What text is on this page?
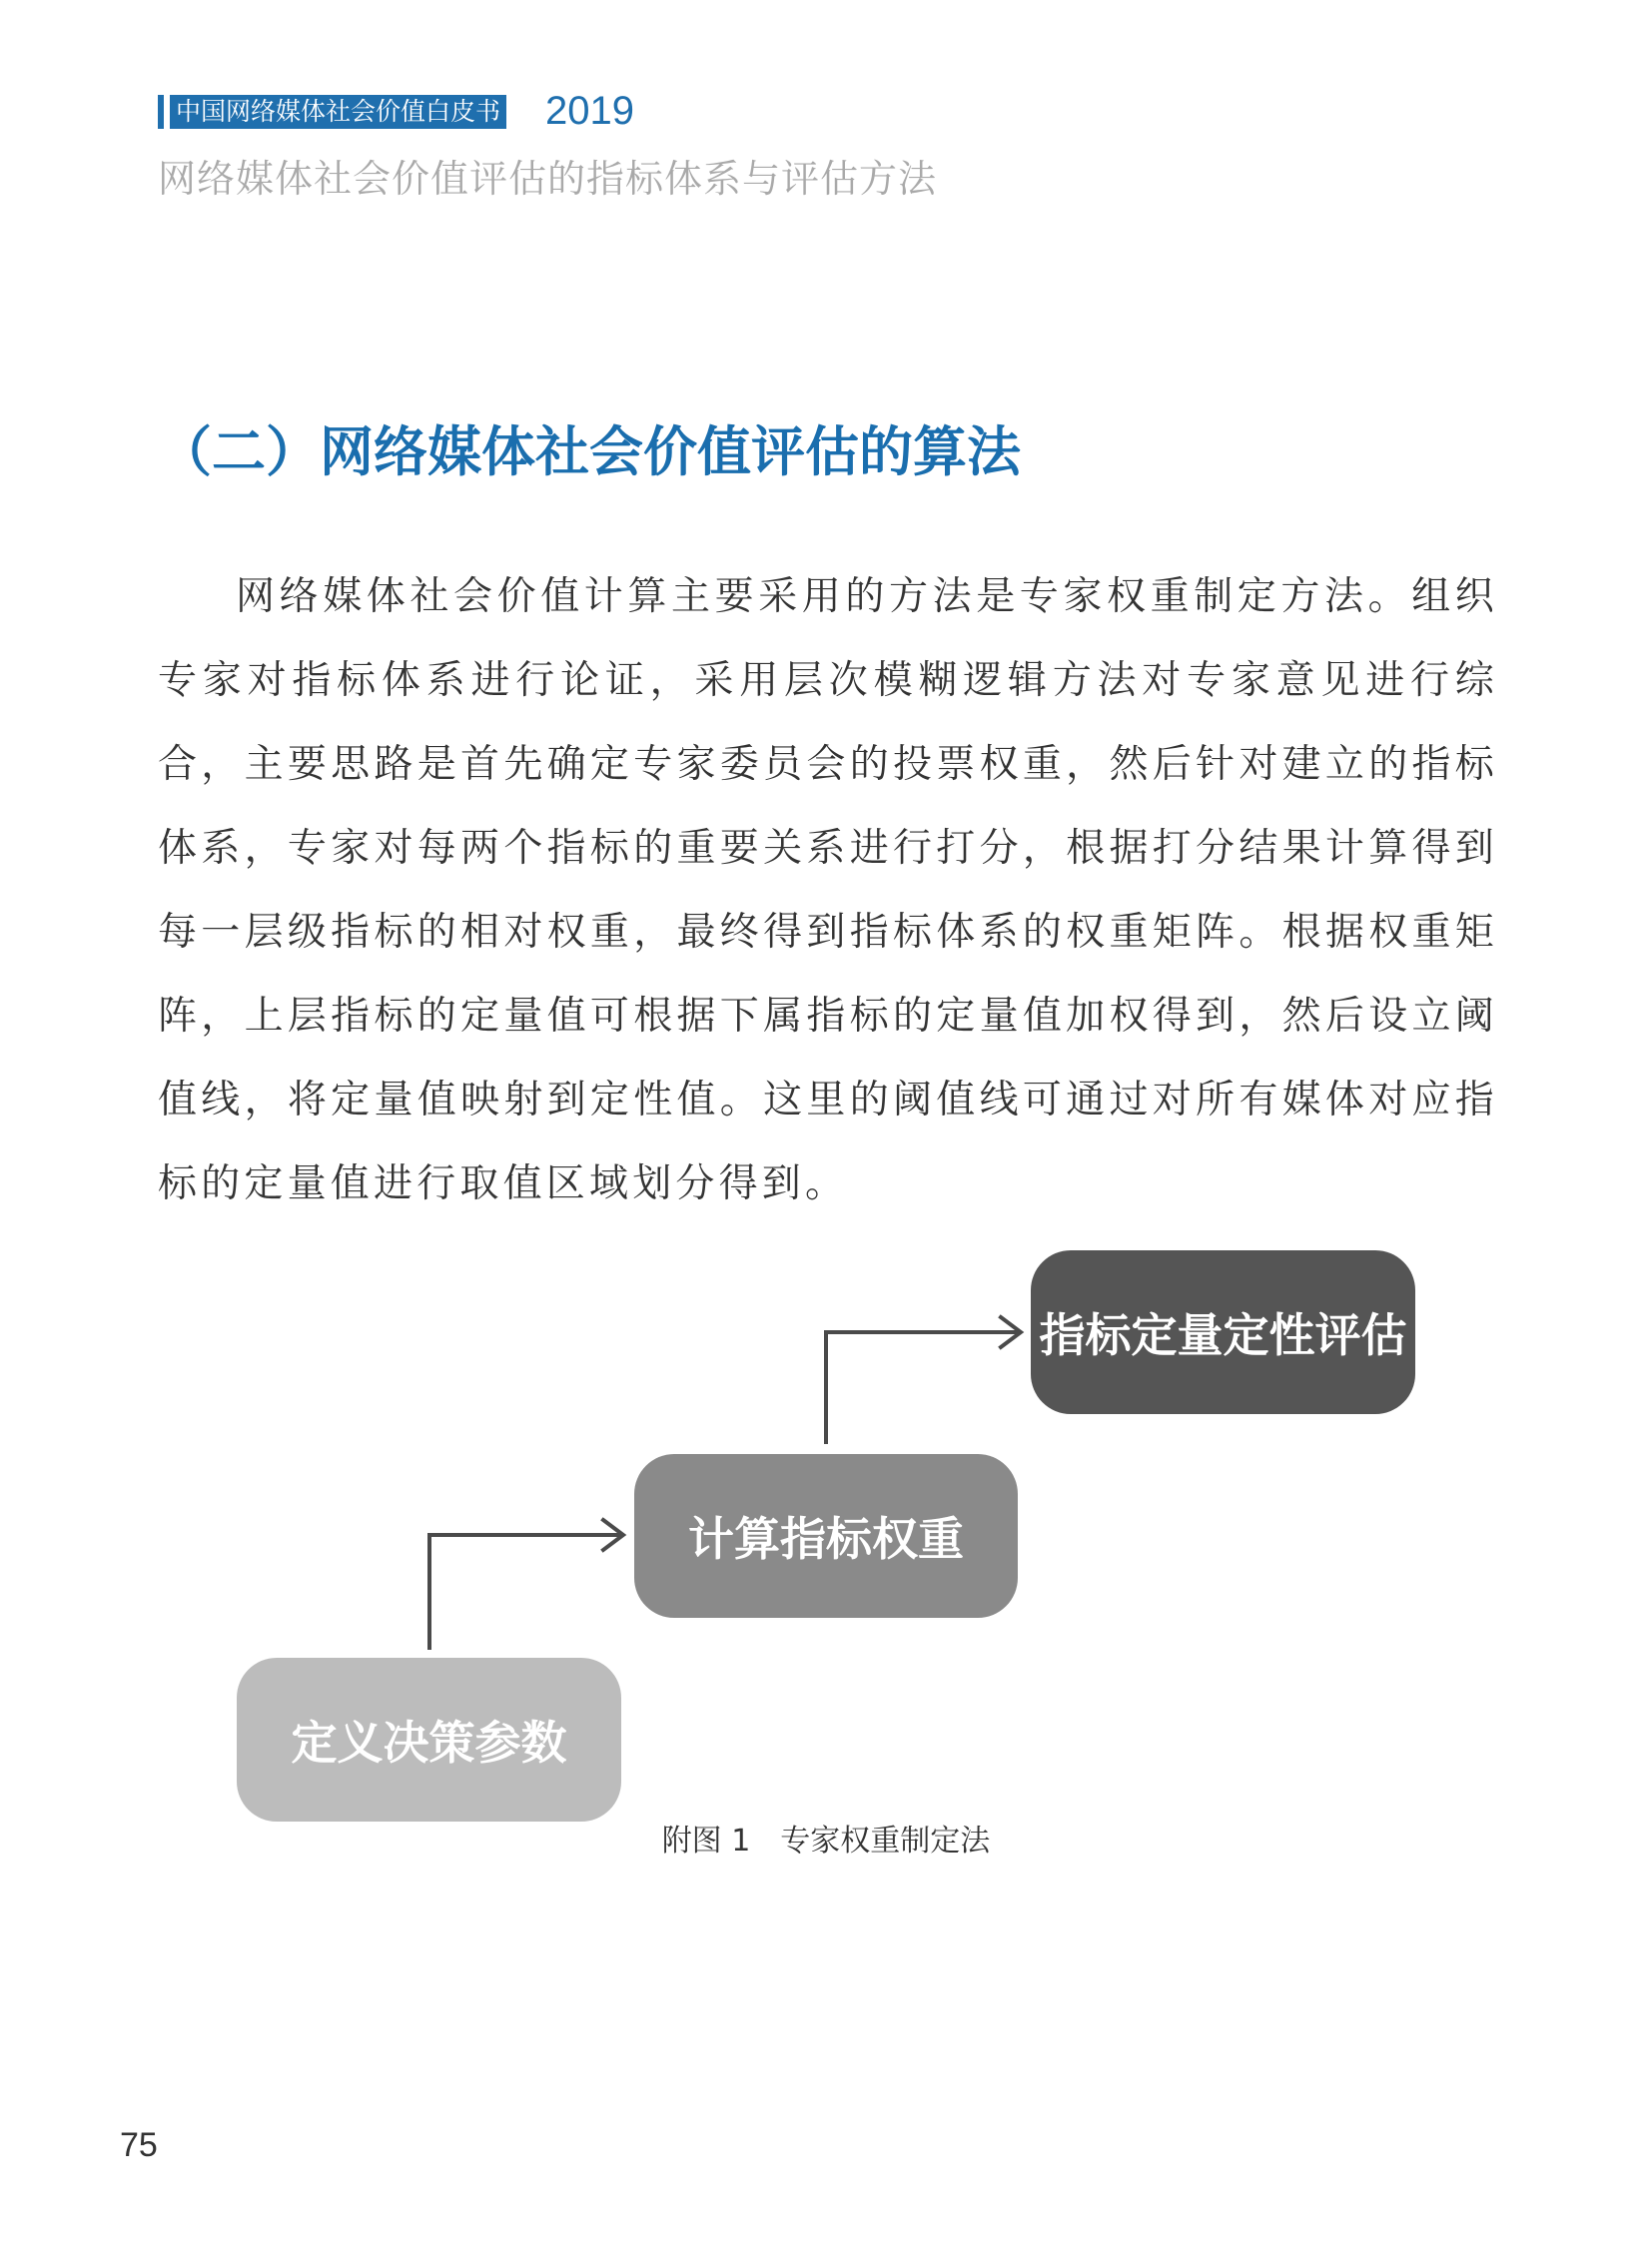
中国网络媒体社会价值白皮书 2019
网络媒体社会价值评估的指标体系与评估方法
（二）网络媒体社会价值评估的算法

网络媒体社会价值计算主要采用的方法是专家权重制定方法。组织专家对指标体系进行论证，采用层次模糊逻辑方法对专家意见进行综合，主要思路是首先确定专家委员会的投票权重，然后针对建立的指标体系，专家对每两个指标的重要关系进行打分，根据打分结果计算得到每一层级指标的相对权重，最终得到指标体系的权重矩阵。根据权重矩阵，上层指标的定量值可根据下属指标的定量值加权得到，然后设立阈值线，将定量值映射到定性值。这里的阈值线可通过对所有媒体对应指标的定量值进行取值区域划分得到。

指标定量定性评估
计算指标权重
定义决策参数
附图 1　专家权重制定法
75
